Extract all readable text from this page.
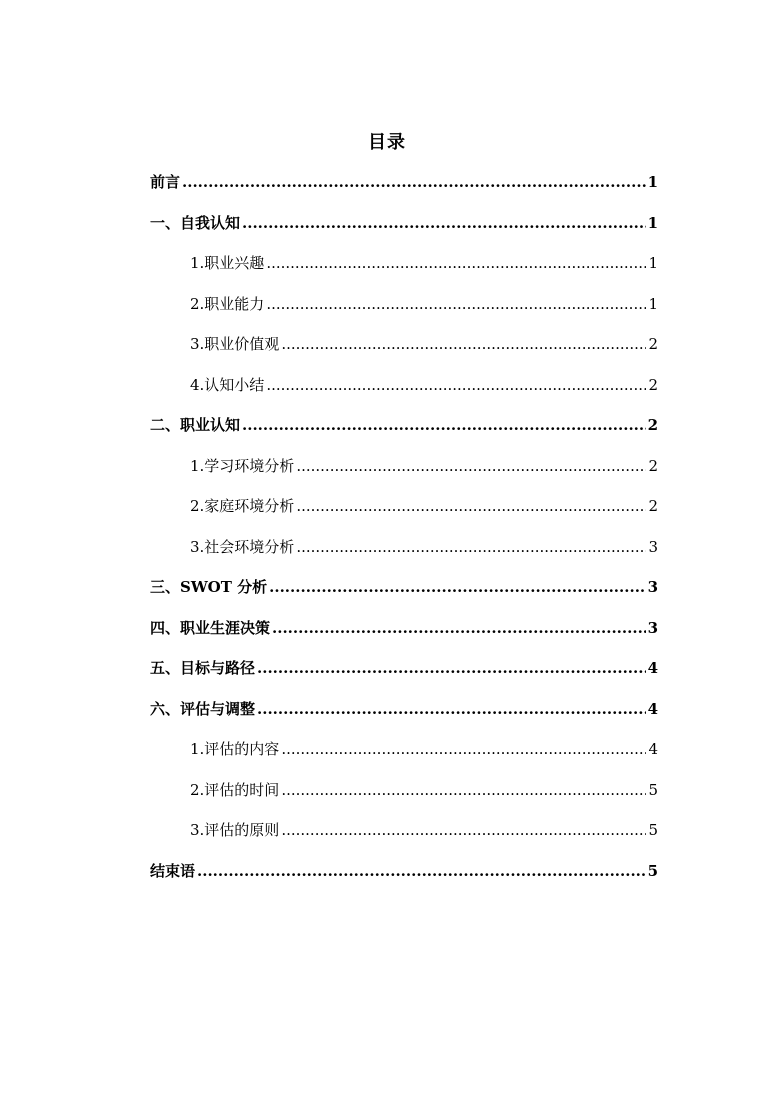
目录
前言 .....	1
一、自我认知 .....	1
1.职业兴趣 .....	1
2.职业能力 .....	1
3.职业价值观 .....	2
4.认知小结 .....	2
二、职业认知 .....	2
1.学习环境分析 .....	2
2.家庭环境分析 .....	2
3.社会环境分析 .....	3
三、SWOT 分析 .....	3
四、职业生涯决策 .....	3
五、目标与路径 .....	4
六、评估与调整 .....	4
1.评估的内容 .....	4
2.评估的时间 .....	5
3.评估的原则 .....	5
结束语 .....	5
